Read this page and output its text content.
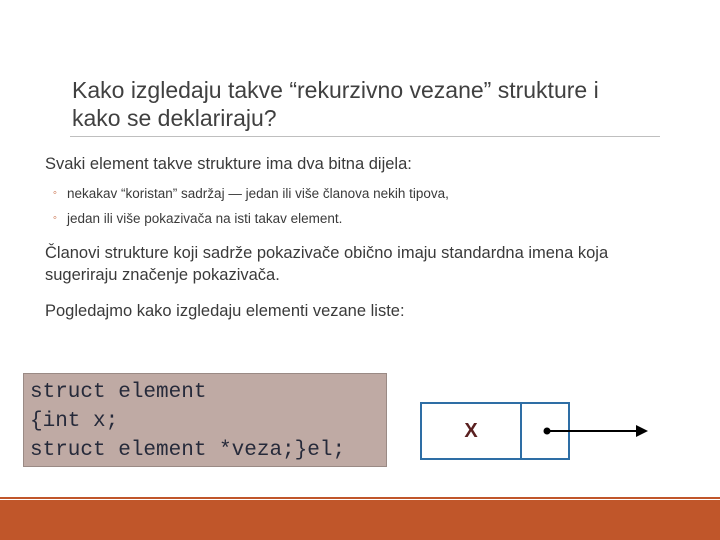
Kako izgledaju takve “rekurzivno vezane” strukture i
kako se deklariraju?

Svaki element takve strukture ima dva bitna dijela:

◦ nekakav “koristan” sadržaj — jedan ili više članova nekih tipova,
◦ jedan ili više pokazivača na isti takav element.

Članovi strukture koji sadrže pokazivače obično imaju standardna imena koja sugeriraju značenje pokazivača.

Pogledajmo kako izgledaju elementi vezane liste:

struct element
{int x;
struct element *veza;}el;
X
